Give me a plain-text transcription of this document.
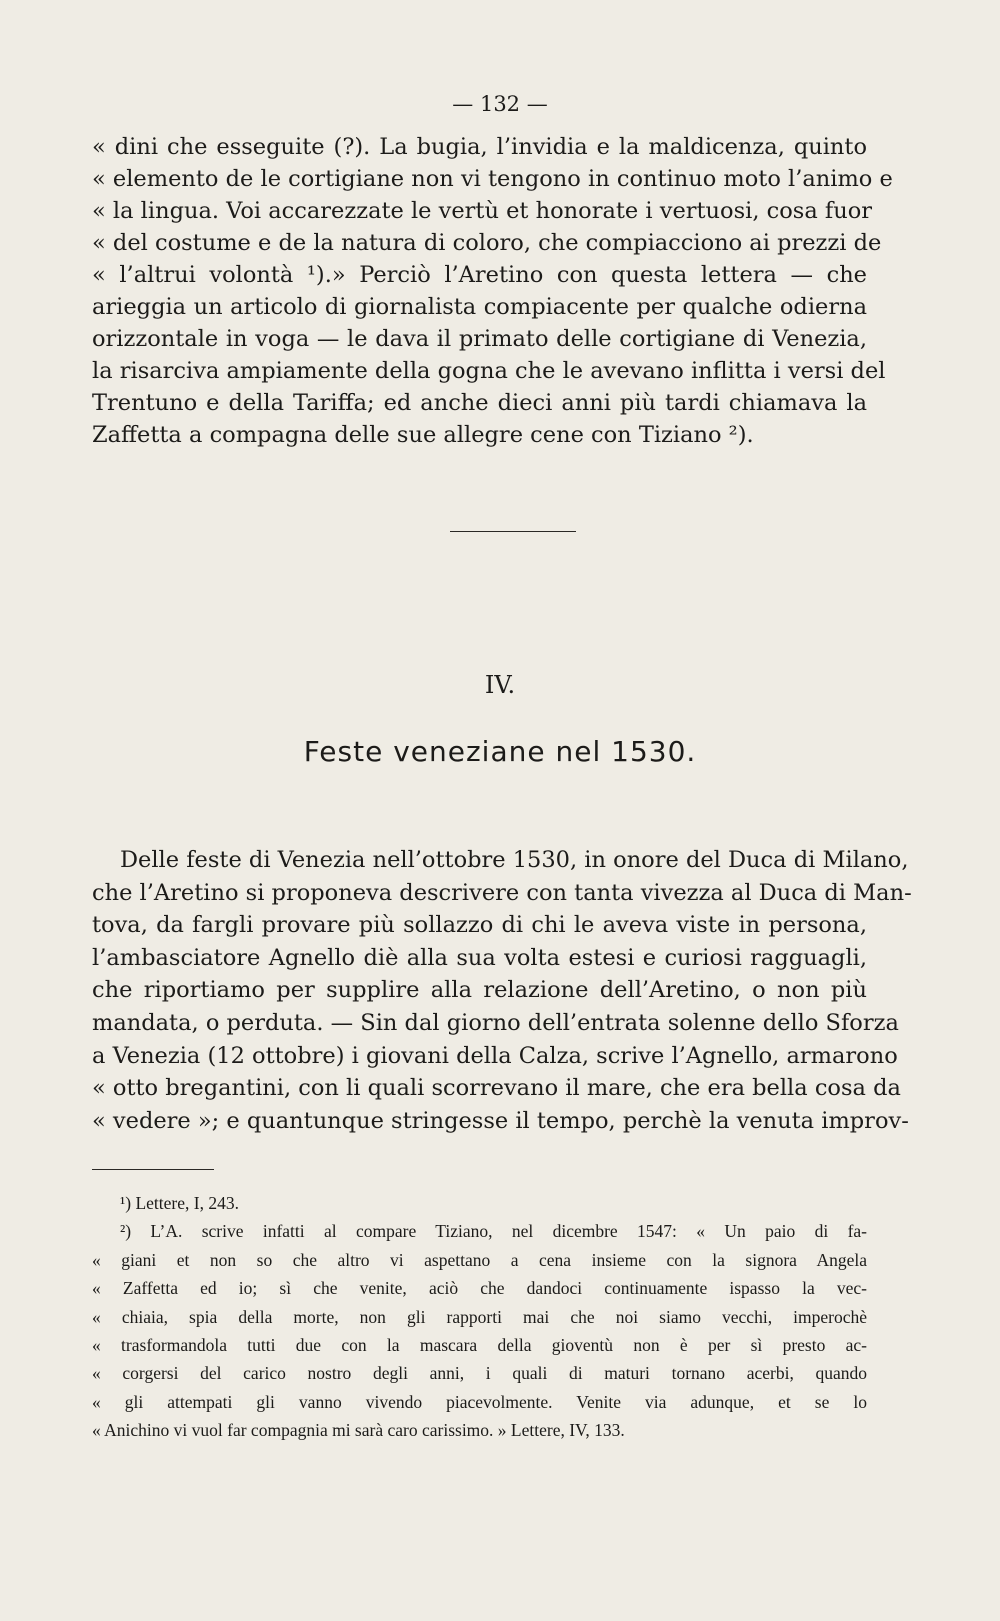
— 132 —
« dini che esseguite (?). La bugia, l’invidia e la maldicenza, quinto
« elemento de le cortigiane non vi tengono in continuo moto l’animo e
« la lingua. Voi accarezzate le vertù et honorate i vertuosi, cosa fuor
« del costume e de la natura di coloro, che compiacciono ai prezzi de
« l’altrui volontà ¹).» Perciò l’Aretino con questa lettera — che
arieggia un articolo di giornalista compiacente per qualche odierna
orizzontale in voga — le dava il primato delle cortigiane di Venezia,
la risarciva ampiamente della gogna che le avevano inflitta i versi del
Trentuno e della Tariffa; ed anche dieci anni più tardi chiamava la
Zaffetta a compagna delle sue allegre cene con Tiziano ²).
IV.
Feste veneziane nel 1530.
Delle feste di Venezia nell’ottobre 1530, in onore del Duca di Milano,
che l’Aretino si proponeva descrivere con tanta vivezza al Duca di Man-
tova, da fargli provare più sollazzo di chi le aveva viste in persona,
l’ambasciatore Agnello diè alla sua volta estesi e curiosi ragguagli,
che riportiamo per supplire alla relazione dell’Aretino, o non più
mandata, o perduta. — Sin dal giorno dell’entrata solenne dello Sforza
a Venezia (12 ottobre) i giovani della Calza, scrive l’Agnello, armarono
« otto bregantini, con li quali scorrevano il mare, che era bella cosa da
« vedere »; e quantunque stringesse il tempo, perchè la venuta improv-
¹) Lettere, I, 243.
²) L’A. scrive infatti al compare Tiziano, nel dicembre 1547: « Un paio di fa-
« giani et non so che altro vi aspettano a cena insieme con la signora Angela
« Zaffetta ed io; sì che venite, aciò che dandoci continuamente ispasso la vec-
« chiaia, spia della morte, non gli rapporti mai che noi siamo vecchi, imperochè
« trasformandola tutti due con la mascara della gioventù non è per sì presto ac-
« corgersi del carico nostro degli anni, i quali di maturi tornano acerbi, quando
« gli attempati gli vanno vivendo piacevolmente. Venite via adunque, et se lo
« Anichino vi vuol far compagnia mi sarà caro carissimo. » Lettere, IV, 133.
